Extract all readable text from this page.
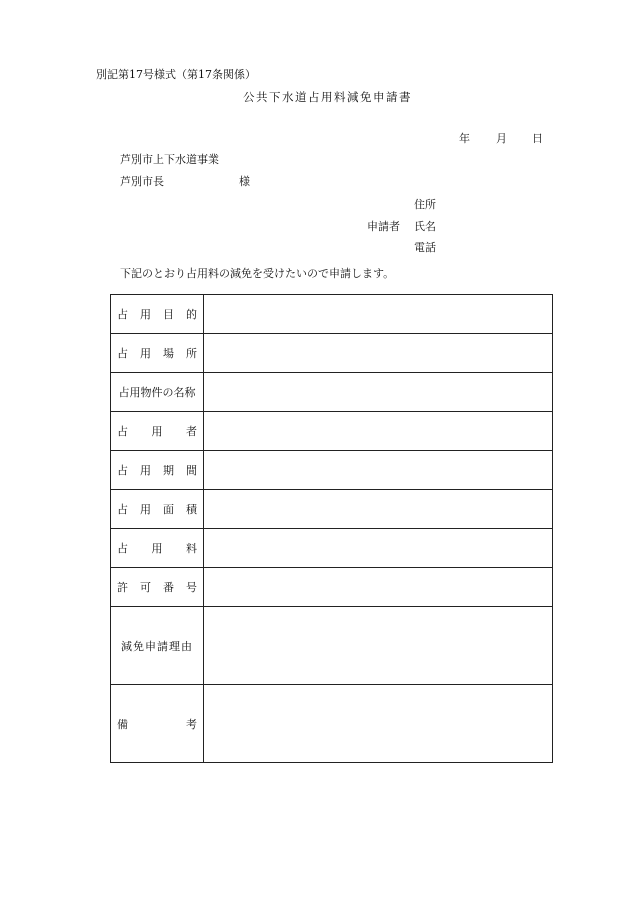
別記第17号様式（第17条関係）
公共下水道占用料減免申請書
年 月 日
芦別市上下水道事業
芦別市長	様
住所
申請者 氏名
電話
下記のとおり占用料の減免を受けたいので申請します。
占 用 目 的	

占 用 場 所	

占用物件の名称	

占 用 者	

占 用 期 間	

占 用 面 積	

占 用 料	

許 可 番 号	

減免申請理由	

備 考	
